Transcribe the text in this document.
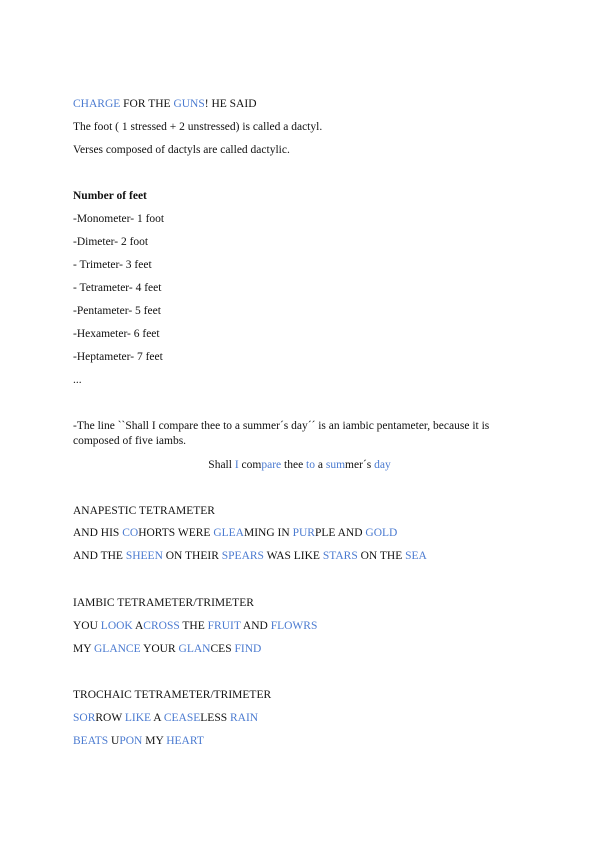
CHARGE FOR THE GUNS! HE SAID
The foot ( 1 stressed + 2 unstressed) is called a dactyl.
Verses composed of dactyls are called dactylic.
Number of feet
-Monometer- 1 foot
-Dimeter- 2 foot
- Trimeter- 3 feet
- Tetrameter- 4 feet
-Pentameter- 5 feet
-Hexameter- 6 feet
-Heptameter- 7 feet
...
-The line ``Shall I compare thee to a summer´s day´´ is an iambic pentameter, because it is composed of five iambs.
Shall I compare thee to a summer´s day
ANAPESTIC TETRAMETER
AND HIS COHORTS WERE GLEAMING IN PURPLE AND GOLD
AND THE SHEEN ON THEIR SPEARS WAS LIKE STARS ON THE SEA
IAMBIC TETRAMETER/TRIMETER
YOU LOOK ACROSS THE FRUIT AND FLOWRS
MY GLANCE YOUR GLANCES FIND
TROCHAIC TETRAMETER/TRIMETER
SORROW LIKE A CEASELESS RAIN
BEATS UPON MY HEART
